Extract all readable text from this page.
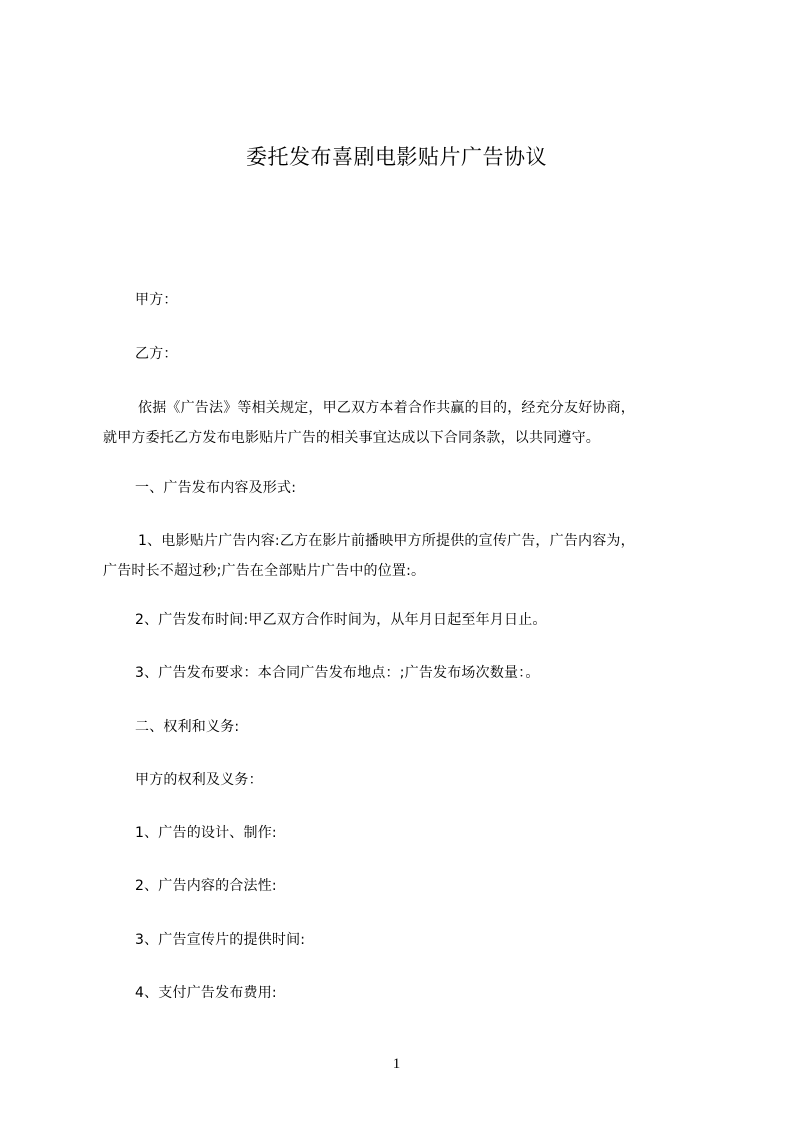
委托发布喜剧电影贴片广告协议
甲方：
乙方：
依据《广告法》等相关规定，甲乙双方本着合作共赢的目的，经充分友好协商，
就甲方委托乙方发布电影贴片广告的相关事宜达成以下合同条款，以共同遵守。
一、广告发布内容及形式:
1、电影贴片广告内容:乙方在影片前播映甲方所提供的宣传广告，广告内容为，
广告时长不超过秒;广告在全部贴片广告中的位置:。
2、广告发布时间:甲乙双方合作时间为，从年月日起至年月日止。
3、广告发布要求：本合同广告发布地点：;广告发布场次数量：。
二、权利和义务:
甲方的权利及义务：
1、广告的设计、制作:
2、广告内容的合法性:
3、广告宣传片的提供时间:
4、支付广告发布费用:
1
